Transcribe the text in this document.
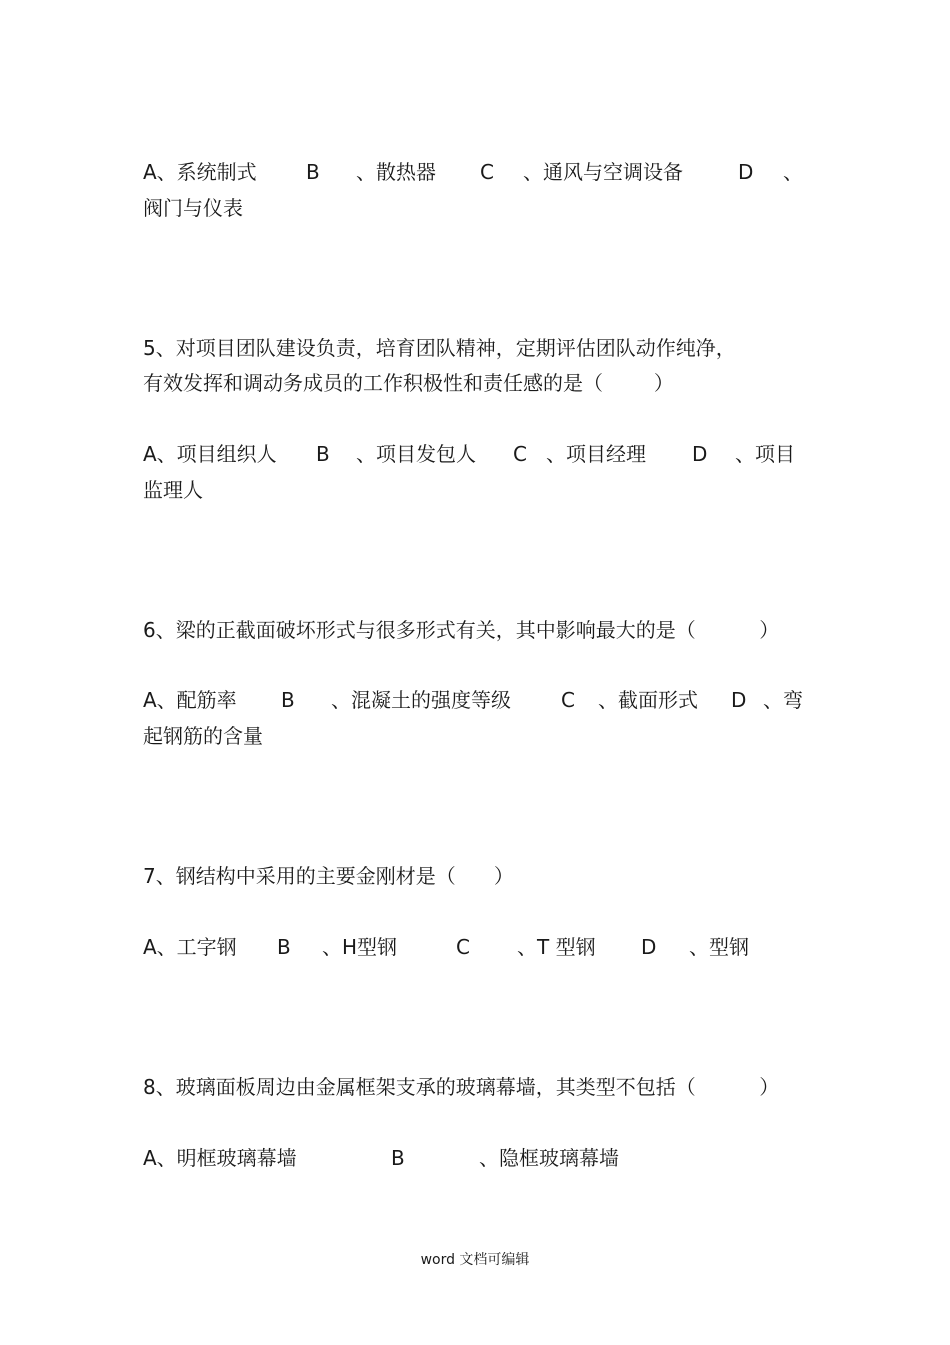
A、系统制式

B

、散热器

C

、通风与空调设备

	D

、

阀门与仪表
5、对项目团队建设负责，培育团队精神，定期评估团队动作纯净，
有效发挥和调动务成员的工作积极性和责任感的是（        ）

A、项目组织人

B

、项目发包人

C

、项目经理

D

、项目

监理人
6、梁的正截面破坏形式与很多形式有关，其中影响最大的是（          ）

A、配筋率

B

、混凝土的强度等级

	C

、截面形式

D

、弯

起钢筋的含量
7、钢结构中采用的主要金刚材是（      ）

A、工字钢

B

、H型钢

	C

、T 型钢

D

、型钢

8、玻璃面板周边由金属框架支承的玻璃幕墙，其类型不包括（          ）

A、明框玻璃幕墙

	B

	、隐框玻璃幕墙

word 文档可编辑
